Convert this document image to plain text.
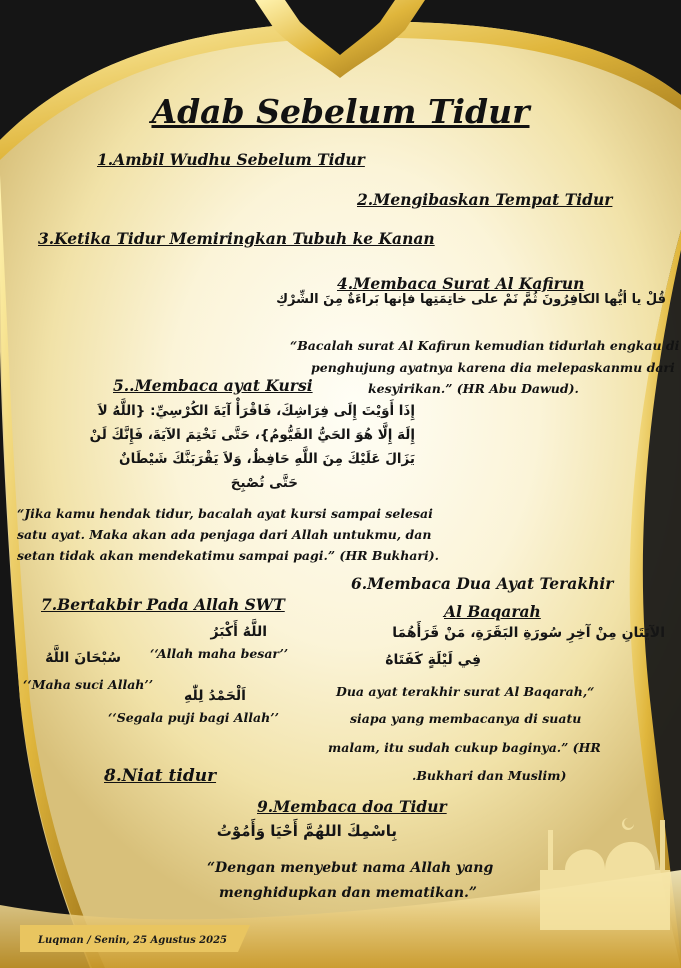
Adab Sebelum Tidur
1.Ambil Wudhu Sebelum Tidur
2.Mengibaskan Tempat Tidur
3.Ketika Tidur Memiringkan Tubuh ke Kanan
4.Membaca Surat Al Kafirun
قُلْ يا أيُّها الكافِرُونَ ثُمَّ نَمْ على خاتِمَتِها فإنها بَراءَةٌ مِنَ الشِّرْكِ
“Bacalah surat Al Kafirun kemudian tidurlah engkau di
penghujung ayatnya karena dia melepaskanmu dari
kesyirikan.” (HR Abu Dawud).
5..Membaca ayat Kursi
إِذَا أَوَيْتَ إِلَى فِرَاشِكَ، فَاقْرَأْ آيَةَ الكُرْسِيِّ: {اللَّهُ لاَ
إِلَهَ إِلَّا هُوَ الحَيُّ القَيُّومُ}، حَتَّى تَخْتِمَ الآيَةَ، فَإِنَّكَ لَنْ
يَزَالَ عَلَيْكَ مِنَ اللَّهِ حَافِظٌ، وَلاَ يَقْرَبَنَّكَ شَيْطَانٌ
حَتَّى تُصْبِحَ
“Jika kamu hendak tidur, bacalah ayat kursi sampai selesai
satu ayat. Maka akan ada penjaga dari Allah untukmu, dan
setan tidak akan mendekatimu sampai pagi.” (HR Bukhari).
6.Membaca Dua Ayat Terakhir
Al Baqarah
الآيَتَانِ مِنْ آخِرِ سُورَةِ البَقَرَةِ، مَنْ قَرَأَهُمَا
فِي لَيْلَةٍ كَفَتَاهُ
Dua ayat terakhir surat Al Baqarah,“
siapa yang membacanya di suatu
malam, itu sudah cukup baginya.” (HR
.Bukhari dan Muslim)
7.Bertakbir Pada Allah SWT
اللَّهُ أَكْبَرُ
‘‘Allah maha besar’’
سُبْحَانَ اللَّهُ
‘‘Maha suci Allah’’
اَلْحَمْدُ لِلّٰهِ
‘‘Segala puji bagi Allah’’
8.Niat tidur
9.Membaca doa Tidur
بِاسْمِكَ اللهُمَّ أَحْيَا وَأَمُوْتُ
“Dengan menyebut nama Allah yang
menghidupkan dan mematikan.”
Luqman / Senin, 25 Agustus 2025
